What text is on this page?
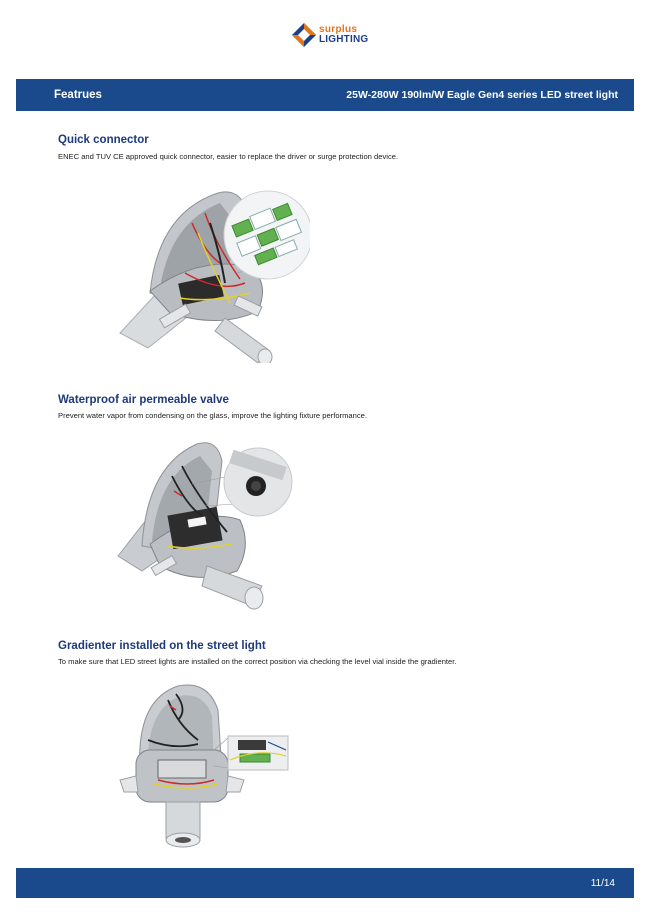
surplus
LIGHTING
Featrues	25W-280W 190lm/W Eagle Gen4 series LED street light
Quick connector
ENEC and TUV CE approved quick connector, easier to replace the driver or surge protection device.
Waterproof air permeable valve
Prevent water vapor from condensing on the glass, improve the lighting fixture performance.
Gradienter installed on the street light
To make sure that LED street lights are installed on the correct position via checking the level vial inside the gradienter.
11/14
